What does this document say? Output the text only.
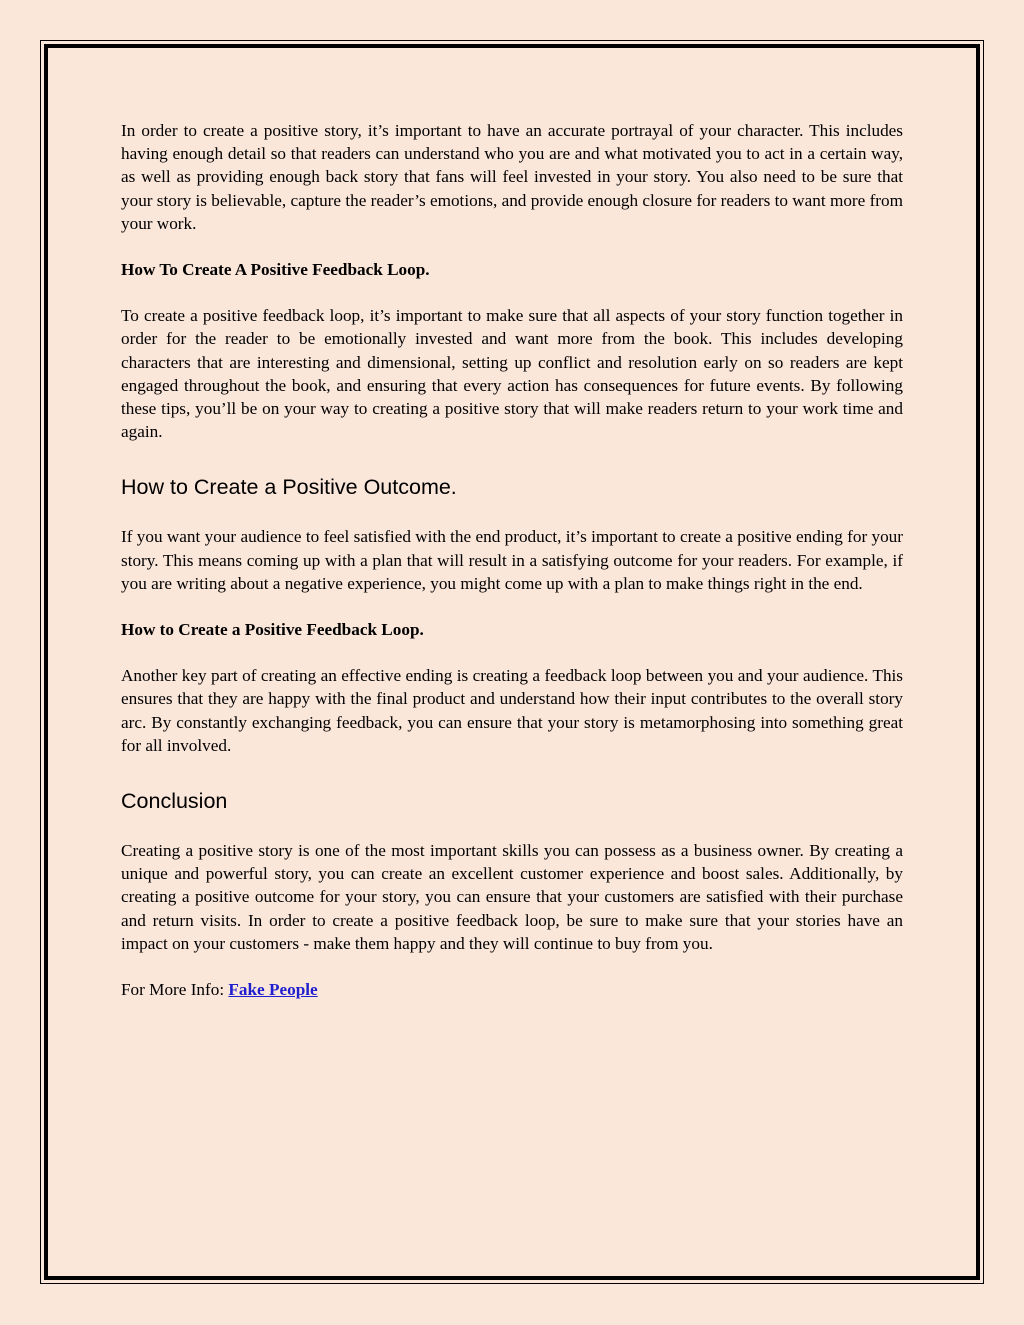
In order to create a positive story, it’s important to have an accurate portrayal of your character. This includes having enough detail so that readers can understand who you are and what motivated you to act in a certain way, as well as providing enough back story that fans will feel invested in your story. You also need to be sure that your story is believable, capture the reader’s emotions, and provide enough closure for readers to want more from your work.

How To Create A Positive Feedback Loop.

To create a positive feedback loop, it’s important to make sure that all aspects of your story function together in order for the reader to be emotionally invested and want more from the book. This includes developing characters that are interesting and dimensional, setting up conflict and resolution early on so readers are kept engaged throughout the book, and ensuring that every action has consequences for future events. By following these tips, you’ll be on your way to creating a positive story that will make readers return to your work time and again.

How to Create a Positive Outcome.

If you want your audience to feel satisfied with the end product, it’s important to create a positive ending for your story. This means coming up with a plan that will result in a satisfying outcome for your readers. For example, if you are writing about a negative experience, you might come up with a plan to make things right in the end.

How to Create a Positive Feedback Loop.

Another key part of creating an effective ending is creating a feedback loop between you and your audience. This ensures that they are happy with the final product and understand how their input contributes to the overall story arc. By constantly exchanging feedback, you can ensure that your story is metamorphosing into something great for all involved.

Conclusion

Creating a positive story is one of the most important skills you can possess as a business owner. By creating a unique and powerful story, you can create an excellent customer experience and boost sales. Additionally, by creating a positive outcome for your story, you can ensure that your customers are satisfied with their purchase and return visits. In order to create a positive feedback loop, be sure to make sure that your stories have an impact on your customers - make them happy and they will continue to buy from you.

For More Info: Fake People
